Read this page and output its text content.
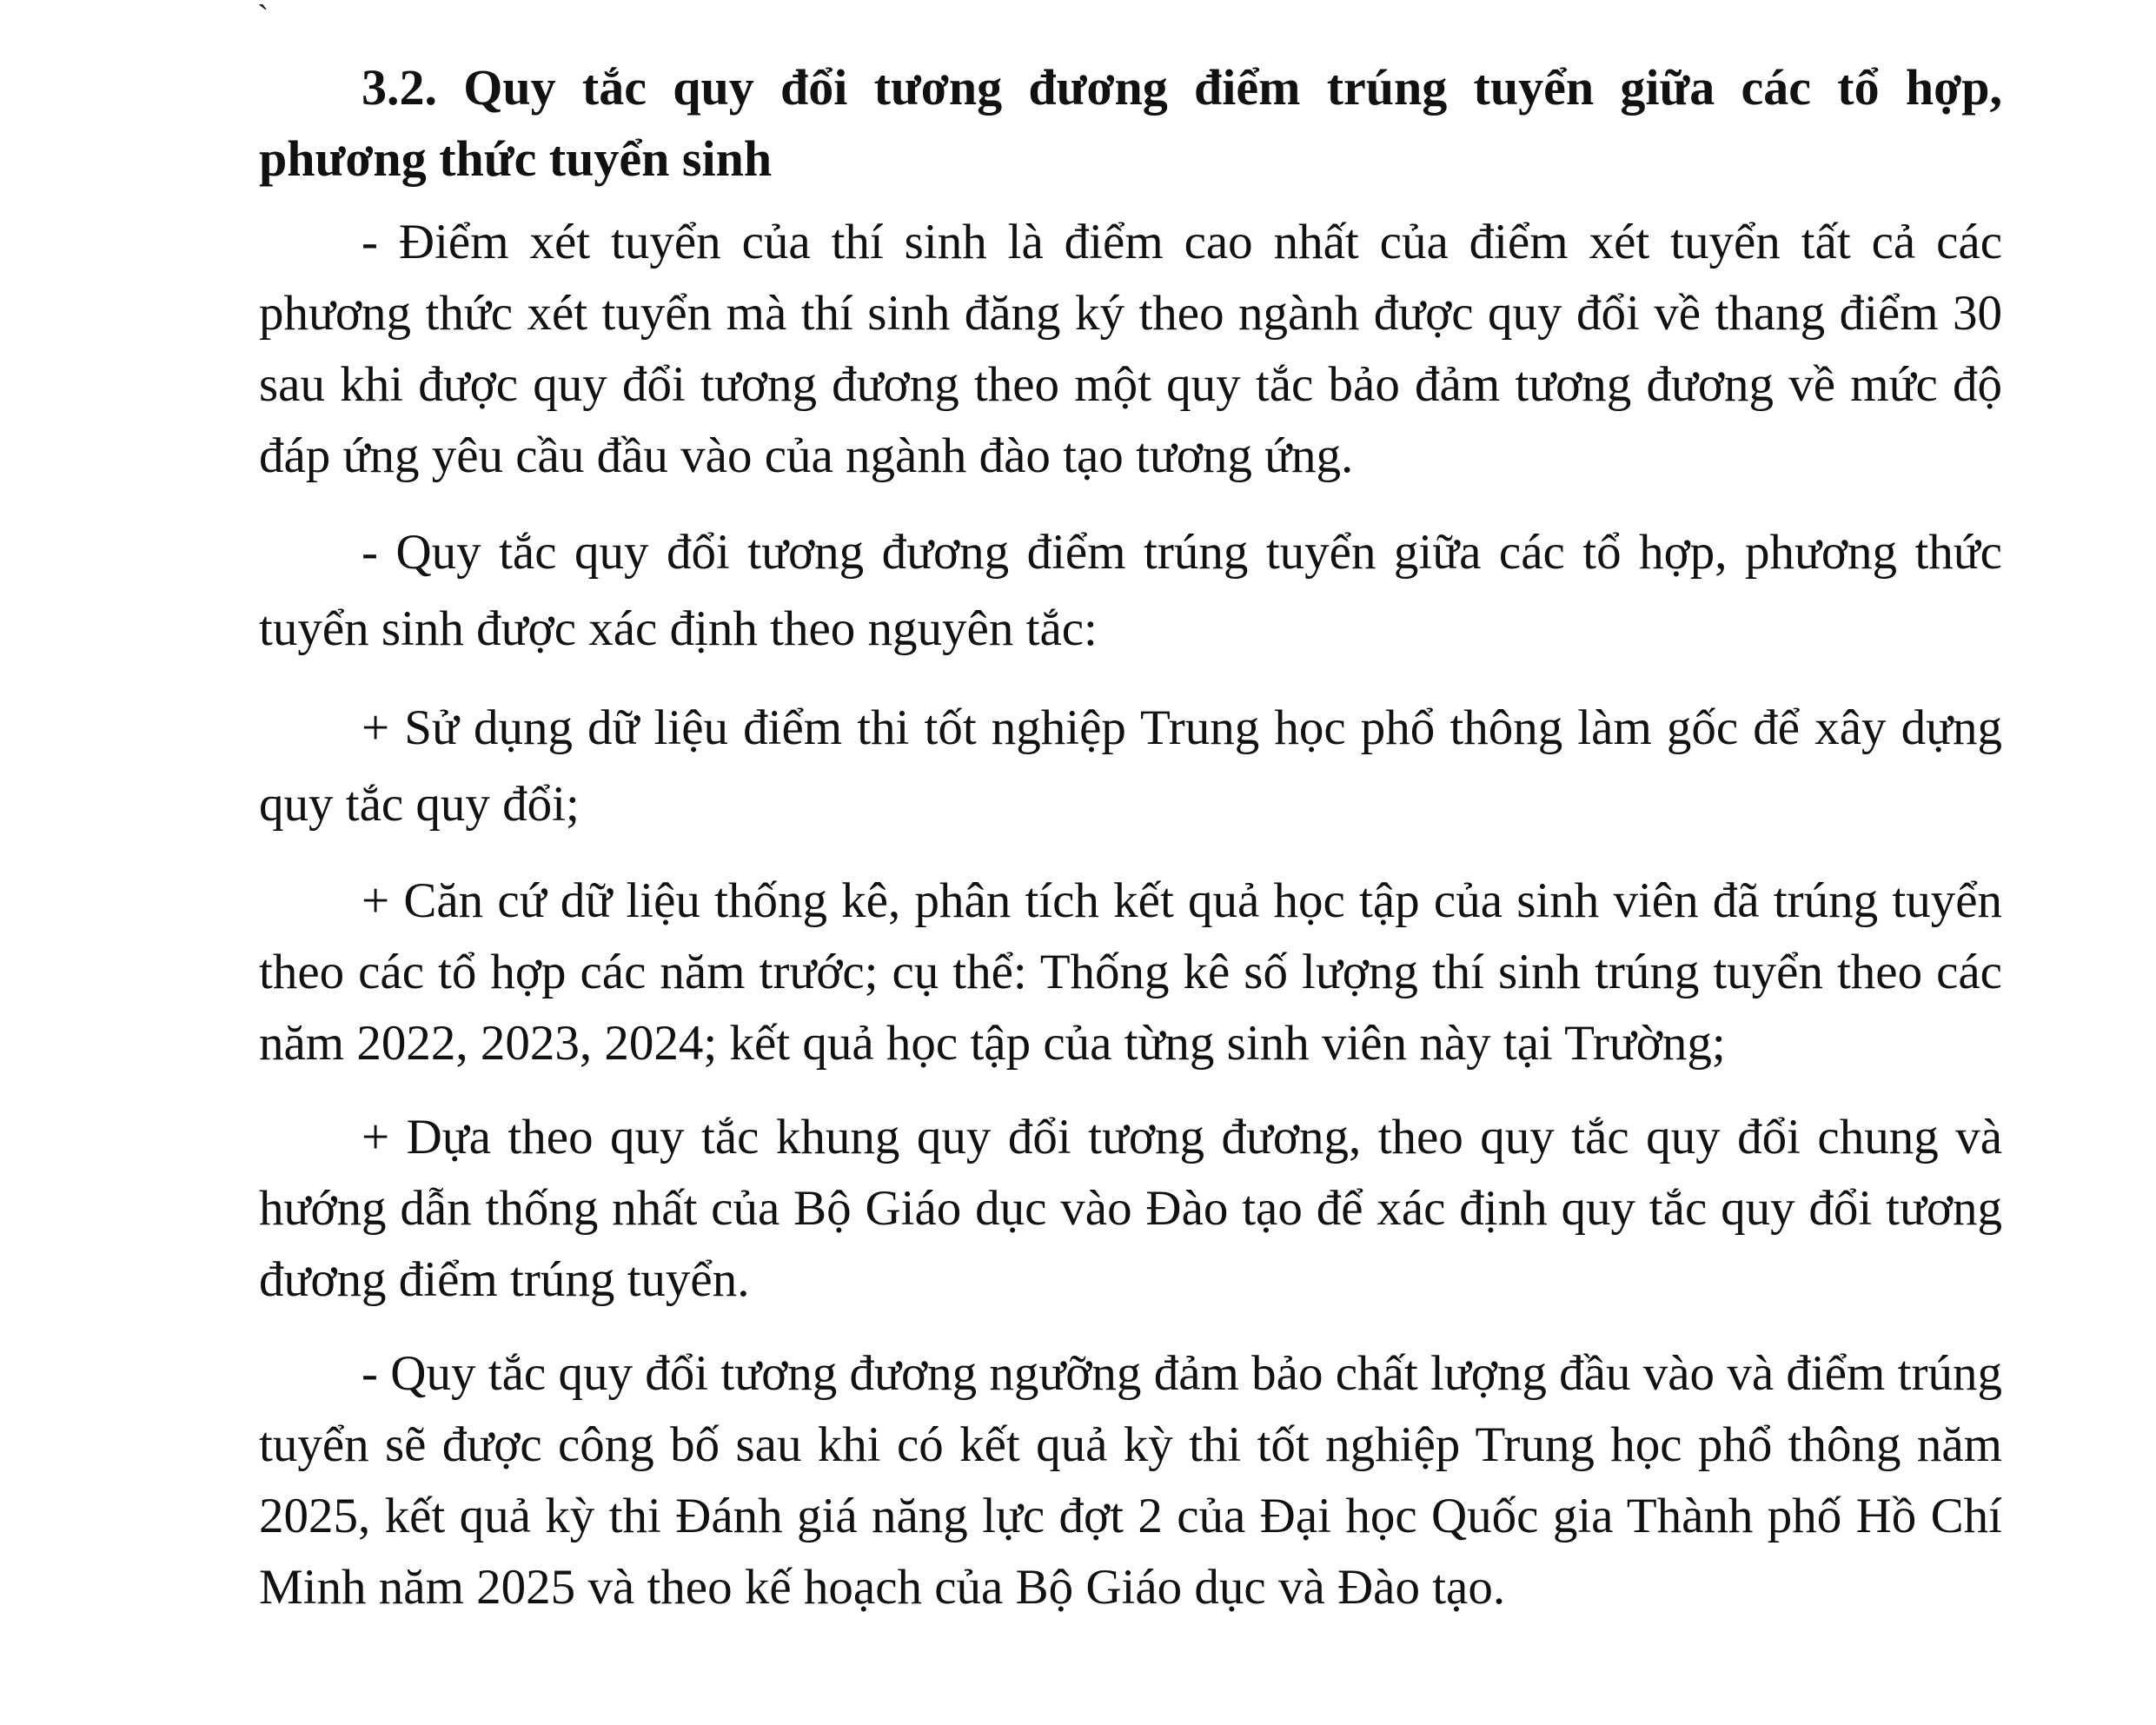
`

3.2. Quy tắc quy đổi tương đương điểm trúng tuyển giữa các tổ hợp, phương thức tuyển sinh

- Điểm xét tuyển của thí sinh là điểm cao nhất của điểm xét tuyển tất cả các phương thức xét tuyển mà thí sinh đăng ký theo ngành được quy đổi về thang điểm 30 sau khi được quy đổi tương đương theo một quy tắc bảo đảm tương đương về mức độ đáp ứng yêu cầu đầu vào của ngành đào tạo tương ứng.

- Quy tắc quy đổi tương đương điểm trúng tuyển giữa các tổ hợp, phương thức tuyển sinh được xác định theo nguyên tắc:

+ Sử dụng dữ liệu điểm thi tốt nghiệp Trung học phổ thông làm gốc để xây dựng quy tắc quy đổi;

+ Căn cứ dữ liệu thống kê, phân tích kết quả học tập của sinh viên đã trúng tuyển theo các tổ hợp các năm trước; cụ thể: Thống kê số lượng thí sinh trúng tuyển theo các năm 2022, 2023, 2024; kết quả học tập của từng sinh viên này tại Trường;

+ Dựa theo quy tắc khung quy đổi tương đương, theo quy tắc quy đổi chung và hướng dẫn thống nhất của Bộ Giáo dục vào Đào tạo để xác định quy tắc quy đổi tương đương điểm trúng tuyển.

- Quy tắc quy đổi tương đương ngưỡng đảm bảo chất lượng đầu vào và điểm trúng tuyển sẽ được công bố sau khi có kết quả kỳ thi tốt nghiệp Trung học phổ thông năm 2025, kết quả kỳ thi Đánh giá năng lực đợt 2 của Đại học Quốc gia Thành phố Hồ Chí Minh năm 2025 và theo kế hoạch của Bộ Giáo dục và Đào tạo.
